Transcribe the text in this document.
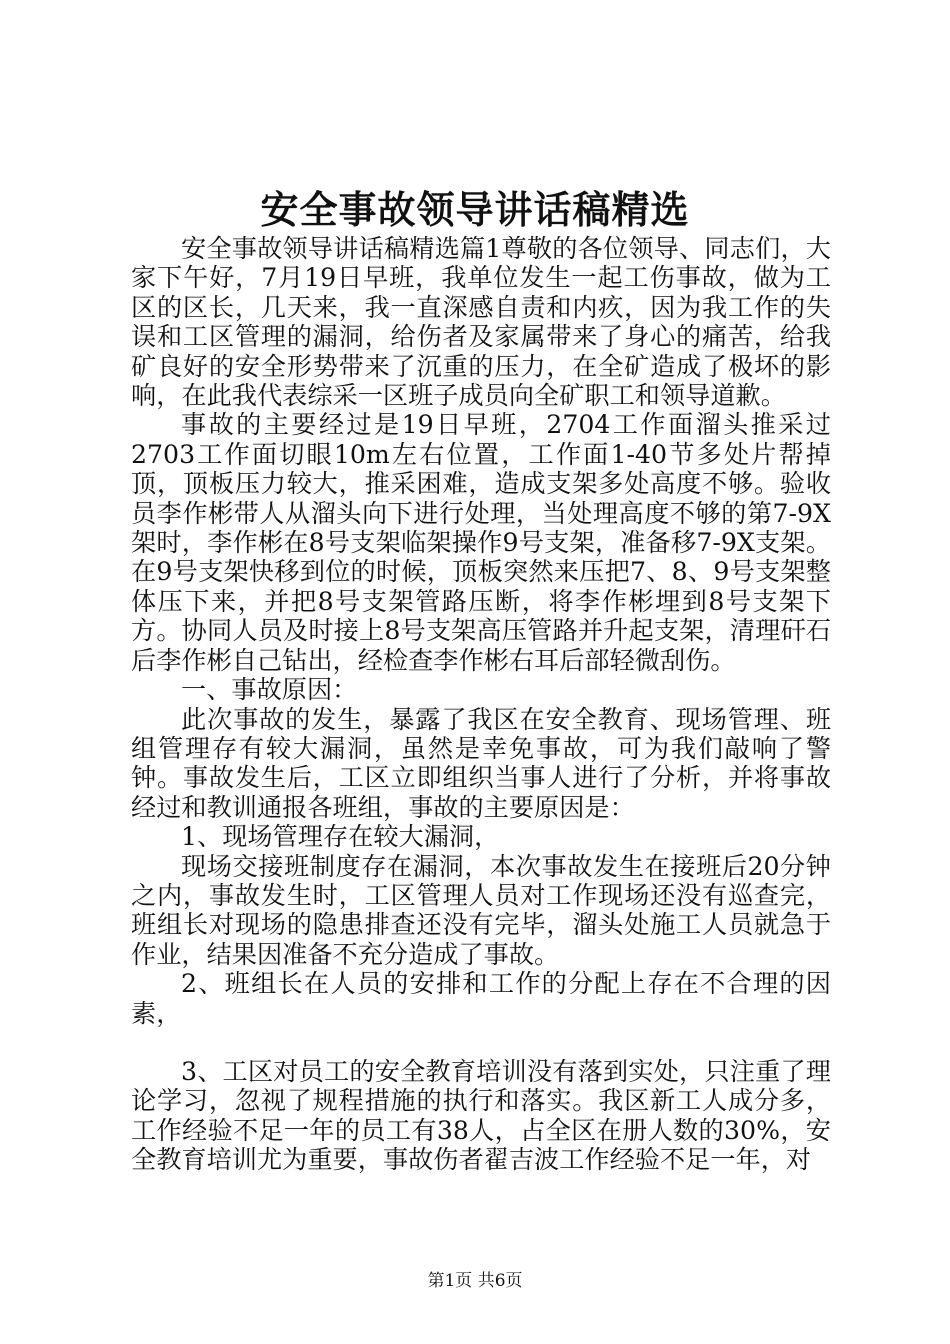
安全事故领导讲话稿精选

安全事故领导讲话稿精选篇1尊敬的各位领导、同志们，大家下午好，7月19日早班，我单位发生一起工伤事故，做为工区的区长，几天来，我一直深感自责和内疚，因为我工作的失误和工区管理的漏洞，给伤者及家属带来了身心的痛苦，给我矿良好的安全形势带来了沉重的压力，在全矿造成了极坏的影响，在此我代表综采一区班子成员向全矿职工和领导道歉。

事故的主要经过是19日早班，2704工作面溜头推采过2703工作面切眼10m左右位置，工作面1-40节多处片帮掉顶，顶板压力较大，推采困难，造成支架多处高度不够。验收员李作彬带人从溜头向下进行处理，当处理高度不够的第7-9X架时，李作彬在8号支架临架操作9号支架，准备移7-9X支架。在9号支架快移到位的时候，顶板突然来压把7、8、9号支架整体压下来，并把8号支架管路压断，将李作彬埋到8号支架下方。协同人员及时接上8号支架高压管路并升起支架，清理矸石后李作彬自己钻出，经检查李作彬右耳后部轻微刮伤。

一、事故原因：

此次事故的发生，暴露了我区在安全教育、现场管理、班组管理存有较大漏洞，虽然是幸免事故，可为我们敲响了警钟。事故发生后，工区立即组织当事人进行了分析，并将事故经过和教训通报各班组，事故的主要原因是：

1、现场管理存在较大漏洞，

现场交接班制度存在漏洞，本次事故发生在接班后20分钟之内，事故发生时，工区管理人员对工作现场还没有巡查完，班组长对现场的隐患排查还没有完毕，溜头处施工人员就急于作业，结果因准备不充分造成了事故。

2、班组长在人员的安排和工作的分配上存在不合理的因素，

3、工区对员工的安全教育培训没有落到实处，只注重了理论学习，忽视了规程措施的执行和落实。我区新工人成分多，工作经验不足一年的员工有38人，占全区在册人数的30%，安全教育培训尤为重要，事故伤者翟吉波工作经验不足一年，对

第1页 共6页
